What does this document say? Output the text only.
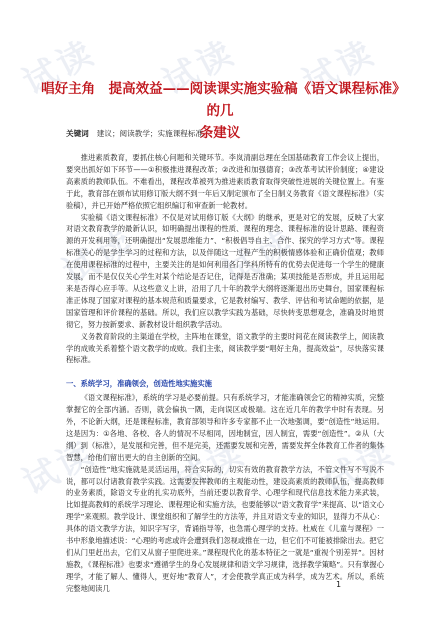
试读 试读 试读
试读 试读
试读 试读 试读
唱好主角　提高效益——阅读课实施实验稿《语文课程标准》的几
条建议
关键词 建议；阅读教学；实施课程标准

推进素质教育，要抓住核心问题和关键环节。李岚清副总理在全国基础教育工作会议上提出，要突出抓好如下环节——①积极推进课程改革；②改进和加强德育；③改革考试评价制度；④建设高素质的教师队伍。不难看出，课程改革被列为推进素质教育取得突破性进展的关键位置上。有鉴于此，教育部在颁布试用修订版大纲不到一年后又制定颁布了全日制义务教育《语文课程标准》（实验稿），并已开始严格依照它组织编订和审查新一轮教材。

实验稿《语文课程标准》不仅是对试用修订版《大纲》的继承，更是对它的发展，反映了大家对语文教育教学的最新认识，如明确提出课程的性质、课程的理念、课程标准的设计思路、课程资源的开发利用等，还明确提出“发展思维能力”、“积极倡导自主、合作、探究的学习方式”等。课程标准关心的是学生学习的过程和方法，以及伴随这一过程产生的积极情感体验和正确价值观；教师在使用课程标准的过程中，主要关注的是如何利用各门学科所特有的优势去促进每一个学生的健康发展，而不是仅仅关心学生对某个结论是否记住，记得是否准确；某项技能是否形成，并且运用起来是否得心应手等。从这些意义上讲，沿用了几十年的教学大纲将逐渐退出历史舞台，国家课程标准正体现了国家对课程的基本规范和质量要求，它是教材编写、教学、评估和考试命题的依据，是国家管理和评价课程的基础。所以，我们应以教学实践为基础，尽快转变思想观念，准确及时地贯彻它，努力按新要求、新教材设计组织教学活动。

义务教育阶段的主渠道在学校，主阵地在课堂，语文教学的主要时间花在阅读教学上，阅读教学的成败关系着整个语文教学的成败。我们主张，阅读教学要“唱好主角，提高效益”，尽快落实课程标准。

一、系统学习，准确领会，创造性地实施实施

《语文课程标准》，系统的学习是必要前提。只有系统学习，才能准确领会它的精神实质，完整掌握它的全部内涵。否则，就会偏执一隅，走向误区或极端。这在近几年的教学中时有表现。另外，不论新大纲，还是课程标准，教育部领导和许多专家都不止一次地强调，要“创造性”地运用。这是因为：①各地、各校、各人的情况不尽相同，因地制宜，因人制宜，需要“创造性”。②从（大纲）到（标准），是发展和完善，但不是完美，还需要发展和完善，需要发挥全体教育工作者的集体智慧，给他们留出更大的自主创新的空间。

“创造性”地实施就是灵活运用，符合实际的，切实有效的教育教学方法，不管文件写不写说不说，都可以付诸教育教学实践。这需要发挥教师的主观能动性，建设高素质的教师队伍，提高教师的业务素质，除语文专业的扎实功底外，当前还要以教育学、心理学和现代信息技术能力来武装，比如提高教师的系统学习理论、课程理论和实施方法，也要能够以“语文教育学”来提高、以“语文心理学”来观照。教学设计、课堂组织和了解学生的方法等，并且对语文专业的知识，显得力不从心：具体的语文教学方法，知识字写字，背诵指导等，也急需心理学的支持。杜威在《儿童与课程》一书中形象地描述说：“心理的考虑或许会遭到我们忽视或推在一边，但它们不可能被排除出去。把它们从门里赶出去，它们又从窗子里爬进来。”课程现代化的基本特征之一就是“重视个别差异”。因材施教，《课程标准》也要求“遵循学生的身心发展规律和语文学习规律，选择教学策略”。只有掌握心理学，才能了解人、懂得人，更好地“教育人”，才会使教学真正成为科学，成为艺术。所以，系统完整地阅读几	1
